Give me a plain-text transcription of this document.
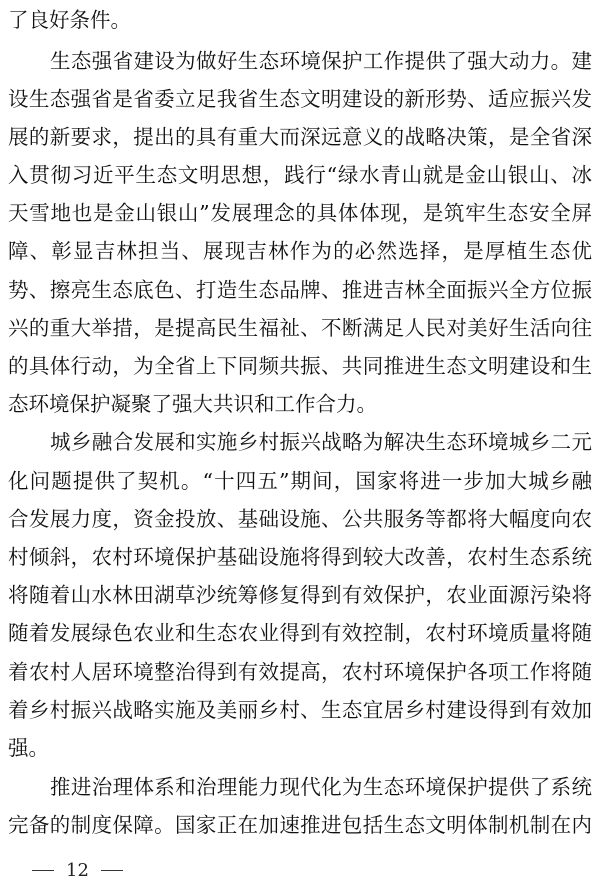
了良好条件。
生态强省建设为做好生态环境保护工作提供了强大动力。建
设生态强省是省委立足我省生态文明建设的新形势、适应振兴发
展的新要求，提出的具有重大而深远意义的战略决策，是全省深
入贯彻习近平生态文明思想，践行“绿水青山就是金山银山、冰
天雪地也是金山银山”发展理念的具体体现，是筑牢生态安全屏
障、彰显吉林担当、展现吉林作为的必然选择，是厚植生态优
势、擦亮生态底色、打造生态品牌、推进吉林全面振兴全方位振
兴的重大举措，是提高民生福祉、不断满足人民对美好生活向往
的具体行动，为全省上下同频共振、共同推进生态文明建设和生
态环境保护凝聚了强大共识和工作合力。
城乡融合发展和实施乡村振兴战略为解决生态环境城乡二元
化问题提供了契机。“十四五”期间，国家将进一步加大城乡融
合发展力度，资金投放、基础设施、公共服务等都将大幅度向农
村倾斜，农村环境保护基础设施将得到较大改善，农村生态系统
将随着山水林田湖草沙统筹修复得到有效保护，农业面源污染将
随着发展绿色农业和生态农业得到有效控制，农村环境质量将随
着农村人居环境整治得到有效提高，农村环境保护各项工作将随
着乡村振兴战略实施及美丽乡村、生态宜居乡村建设得到有效加
强。
推进治理体系和治理能力现代化为生态环境保护提供了系统
完备的制度保障。国家正在加速推进包括生态文明体制机制在内
12
